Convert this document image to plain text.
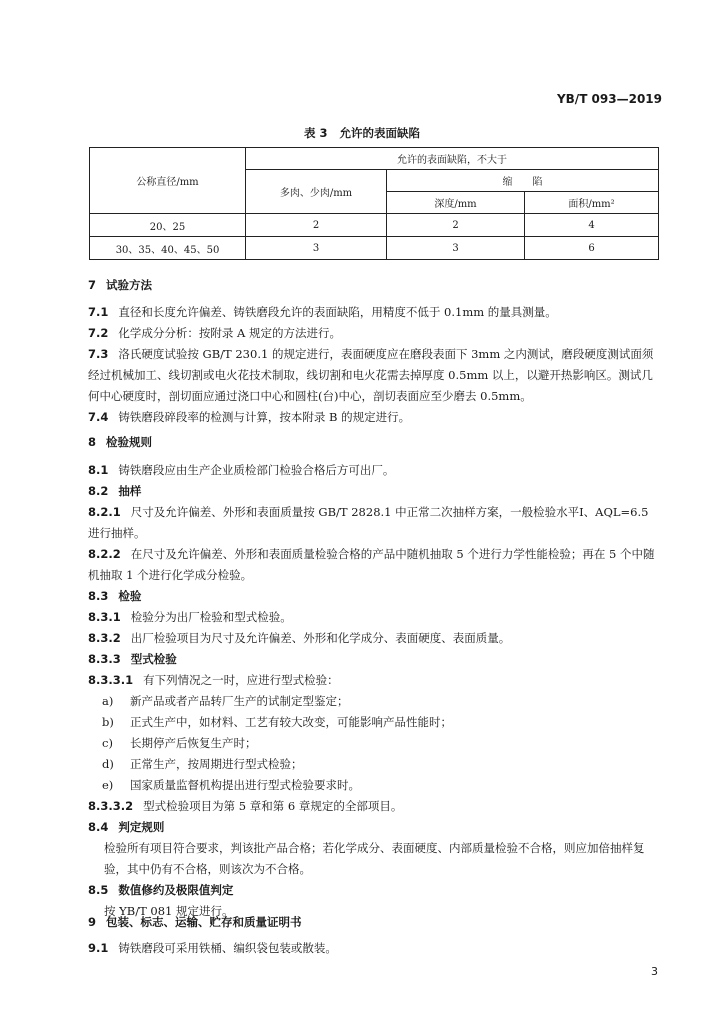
YB/T 093—2019
表 3 允许的表面缺陷
公称直径/mm	允许的表面缺陷，不大于		
	多肉、少肉/mm	缩　　陷	
		深度/mm	面积/mm²
20、25	2	2	4
30、35、40、45、50	3	3	6
7 试验方法
7.1 直径和长度允许偏差、铸铁磨段允许的表面缺陷，用精度不低于 0.1mm 的量具测量。
7.2 化学成分分析：按附录 A 规定的方法进行。
7.3 洛氏硬度试验按 GB/T 230.1 的规定进行，表面硬度应在磨段表面下 3mm 之内测试，磨段硬度测试面须经过机械加工、线切割或电火花技术制取，线切割和电火花需去掉厚度 0.5mm 以上，以避开热影响区。测试几何中心硬度时，剖切面应通过浇口中心和圆柱(台)中心，剖切表面应至少磨去 0.5mm。
7.4 铸铁磨段碎段率的检测与计算，按本附录 B 的规定进行。
8 检验规则
8.1 铸铁磨段应由生产企业质检部门检验合格后方可出厂。
8.2 抽样
8.2.1 尺寸及允许偏差、外形和表面质量按 GB/T 2828.1 中正常二次抽样方案，一般检验水平Ⅰ、AQL=6.5 进行抽样。
8.2.2 在尺寸及允许偏差、外形和表面质量检验合格的产品中随机抽取 5 个进行力学性能检验；再在 5 个中随机抽取 1 个进行化学成分检验。
8.3 检验
8.3.1 检验分为出厂检验和型式检验。
8.3.2 出厂检验项目为尺寸及允许偏差、外形和化学成分、表面硬度、表面质量。
8.3.3 型式检验
8.3.3.1 有下列情况之一时，应进行型式检验：
a) 新产品或者产品转厂生产的试制定型鉴定；
b) 正式生产中，如材料、工艺有较大改变，可能影响产品性能时；
c) 长期停产后恢复生产时；
d) 正常生产，按周期进行型式检验；
e) 国家质量监督机构提出进行型式检验要求时。
8.3.3.2 型式检验项目为第 5 章和第 6 章规定的全部项目。
8.4 判定规则
检验所有项目符合要求，判该批产品合格；若化学成分、表面硬度、内部质量检验不合格，则应加倍抽样复验，其中仍有不合格，则该次为不合格。
8.5 数值修约及极限值判定
按 YB/T 081 规定进行。
9 包装、标志、运输、贮存和质量证明书
9.1 铸铁磨段可采用铁桶、编织袋包装或散装。
3
